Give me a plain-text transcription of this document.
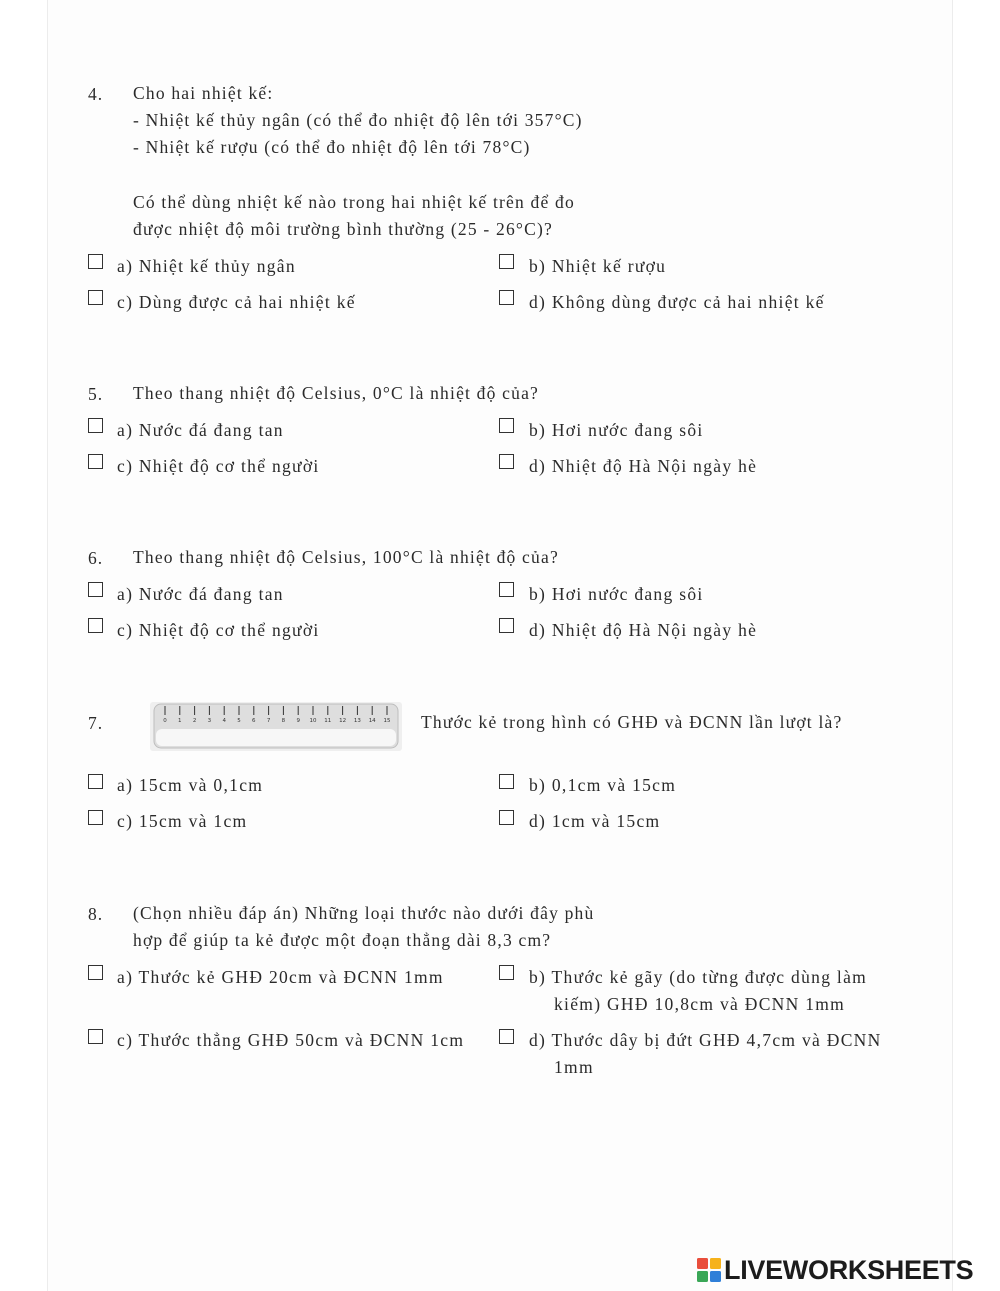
4. Cho hai nhiệt kế:
- Nhiệt kế thủy ngân (có thể đo nhiệt độ lên tới 357°C)
- Nhiệt kế rượu (có thể đo nhiệt độ lên tới 78°C)
Có thể dùng nhiệt kế nào trong hai nhiệt kế trên để đo
được nhiệt độ môi trường bình thường (25 - 26°C)?
a) Nhiệt kế thủy ngân	b) Nhiệt kế rượu
c) Dùng được cả hai nhiệt kế	d) Không dùng được cả hai nhiệt kế
5. Theo thang nhiệt độ Celsius, 0°C là nhiệt độ của?
a) Nước đá đang tan	b) Hơi nước đang sôi
c) Nhiệt độ cơ thể người	d) Nhiệt độ Hà Nội ngày hè
6. Theo thang nhiệt độ Celsius, 100°C là nhiệt độ của?
a) Nước đá đang tan	b) Hơi nước đang sôi
c) Nhiệt độ cơ thể người	d) Nhiệt độ Hà Nội ngày hè
7.	0 1 2 3 4 5 6 7 8 9 10 11 12 13 14 15 Thước kẻ trong hình có GHĐ và ĐCNN lần lượt là?
a) 15cm và 0,1cm	b) 0,1cm và 15cm
c) 15cm và 1cm	d) 1cm và 15cm
8. (Chọn nhiều đáp án) Những loại thước nào dưới đây phù
hợp để giúp ta kẻ được một đoạn thẳng dài 8,3 cm?
a) Thước kẻ GHĐ 20cm và ĐCNN 1mm	b) Thước kẻ gãy (do từng được dùng làm
kiếm) GHĐ 10,8cm và ĐCNN 1mm
c) Thước thẳng GHĐ 50cm và ĐCNN 1cm	d) Thước dây bị đứt GHĐ 4,7cm và ĐCNN
1mm
LIVEWORKSHEETS
